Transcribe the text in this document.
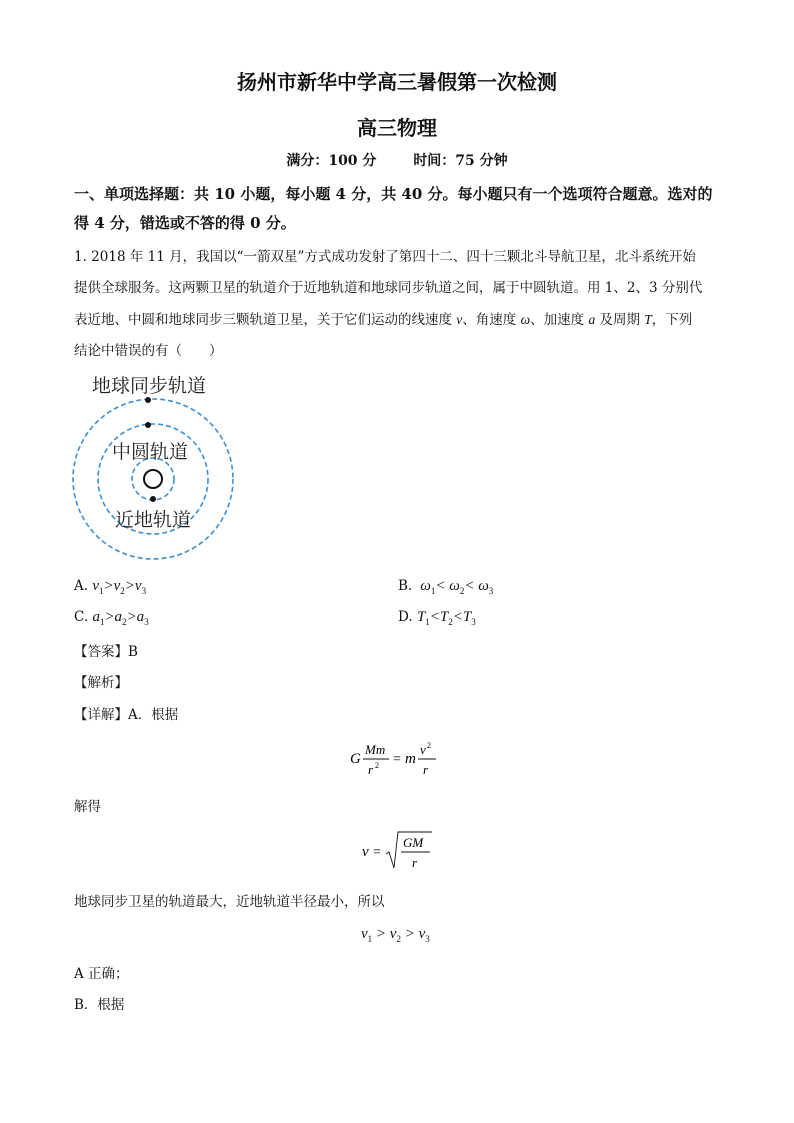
扬州市新华中学高三暑假第一次检测
高三物理
满分：100 分	时间：75 分钟
一、单项选择题：共 10 小题，每小题 4 分，共 40 分。每小题只有一个选项符合题意。选对的得 4 分，错选或不答的得 0 分。
1. 2018 年 11 月，我国以“一箭双星”方式成功发射了第四十二、四十三颗北斗导航卫星，北斗系统开始
提供全球服务。这两颗卫星的轨道介于近地轨道和地球同步轨道之间，属于中圆轨道。用 1、2、3 分别代
表近地、中圆和地球同步三颗轨道卫星，关于它们运动的线速度 v、角速度 ω、加速度 a 及周期 T，下列
结论中错误的有（　　）
地球同步轨道
中圆轨道
近地轨道
A. $v_1>v_2>v_3$	B.  $\omega_1< \omega_2< \omega_3$
C. $a_1>a_2>a_3$	D. $T_1<T_2<T_3$
【答案】B
【解析】
【详解】A．根据
G
Mm
r 2 = m
v 2
r
解得
v =
GM
r
地球同步卫星的轨道最大，近地轨道半径最小，所以
$v_1 > v_2 > v_3$
A 正确；
B．根据
